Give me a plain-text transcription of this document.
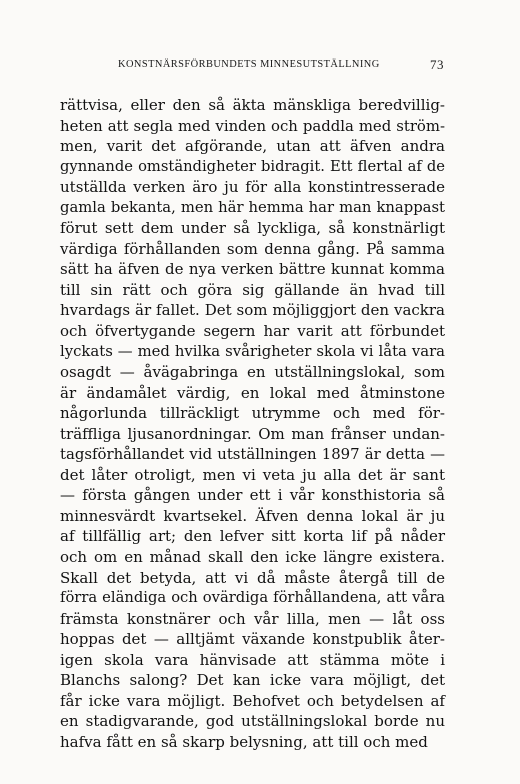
KONSTNÄRSFÖRBUNDETS MINNESUTSTÄLLNING	73
rättvisa, eller den så äkta mänskliga beredvillig-
heten att segla med vinden och paddla med ström-
men, varit det afgörande, utan att äfven andra
gynnande omständigheter bidragit. Ett flertal af de
utställda verken äro ju för alla konstintresserade
gamla bekanta, men här hemma har man knappast
förut sett dem under så lyckliga, så konstnärligt
värdiga förhållanden som denna gång. På samma
sätt ha äfven de nya verken bättre kunnat komma
till sin rätt och göra sig gällande än hvad till
hvardags är fallet. Det som möjliggjort den vackra
och öfvertygande segern har varit att förbundet
lyckats — med hvilka svårigheter skola vi låta vara
osagdt — åvägabringa en utställningslokal, som
är ändamålet värdig, en lokal med åtminstone
någorlunda tillräckligt utrymme och med för-
träffliga ljusanordningar. Om man frånser undan-
tagsförhållandet vid utställningen 1897 är detta —
det låter otroligt, men vi veta ju alla det är sant
— första gången under ett i vår konsthistoria så
minnesvärdt kvartsekel. Äfven denna lokal är ju
af tillfällig art; den lefver sitt korta lif på nåder
och om en månad skall den icke längre existera.
Skall det betyda, att vi då måste återgå till de
förra eländiga och ovärdiga förhållandena, att våra
främsta konstnärer och vår lilla, men — låt oss
hoppas det — alltjämt växande konstpublik åter-
igen skola vara hänvisade att stämma möte i
Blanchs salong? Det kan icke vara möjligt, det
får icke vara möjligt. Behofvet och betydelsen af
en stadigvarande, god utställningslokal borde nu
hafva fått en så skarp belysning, att till och med
